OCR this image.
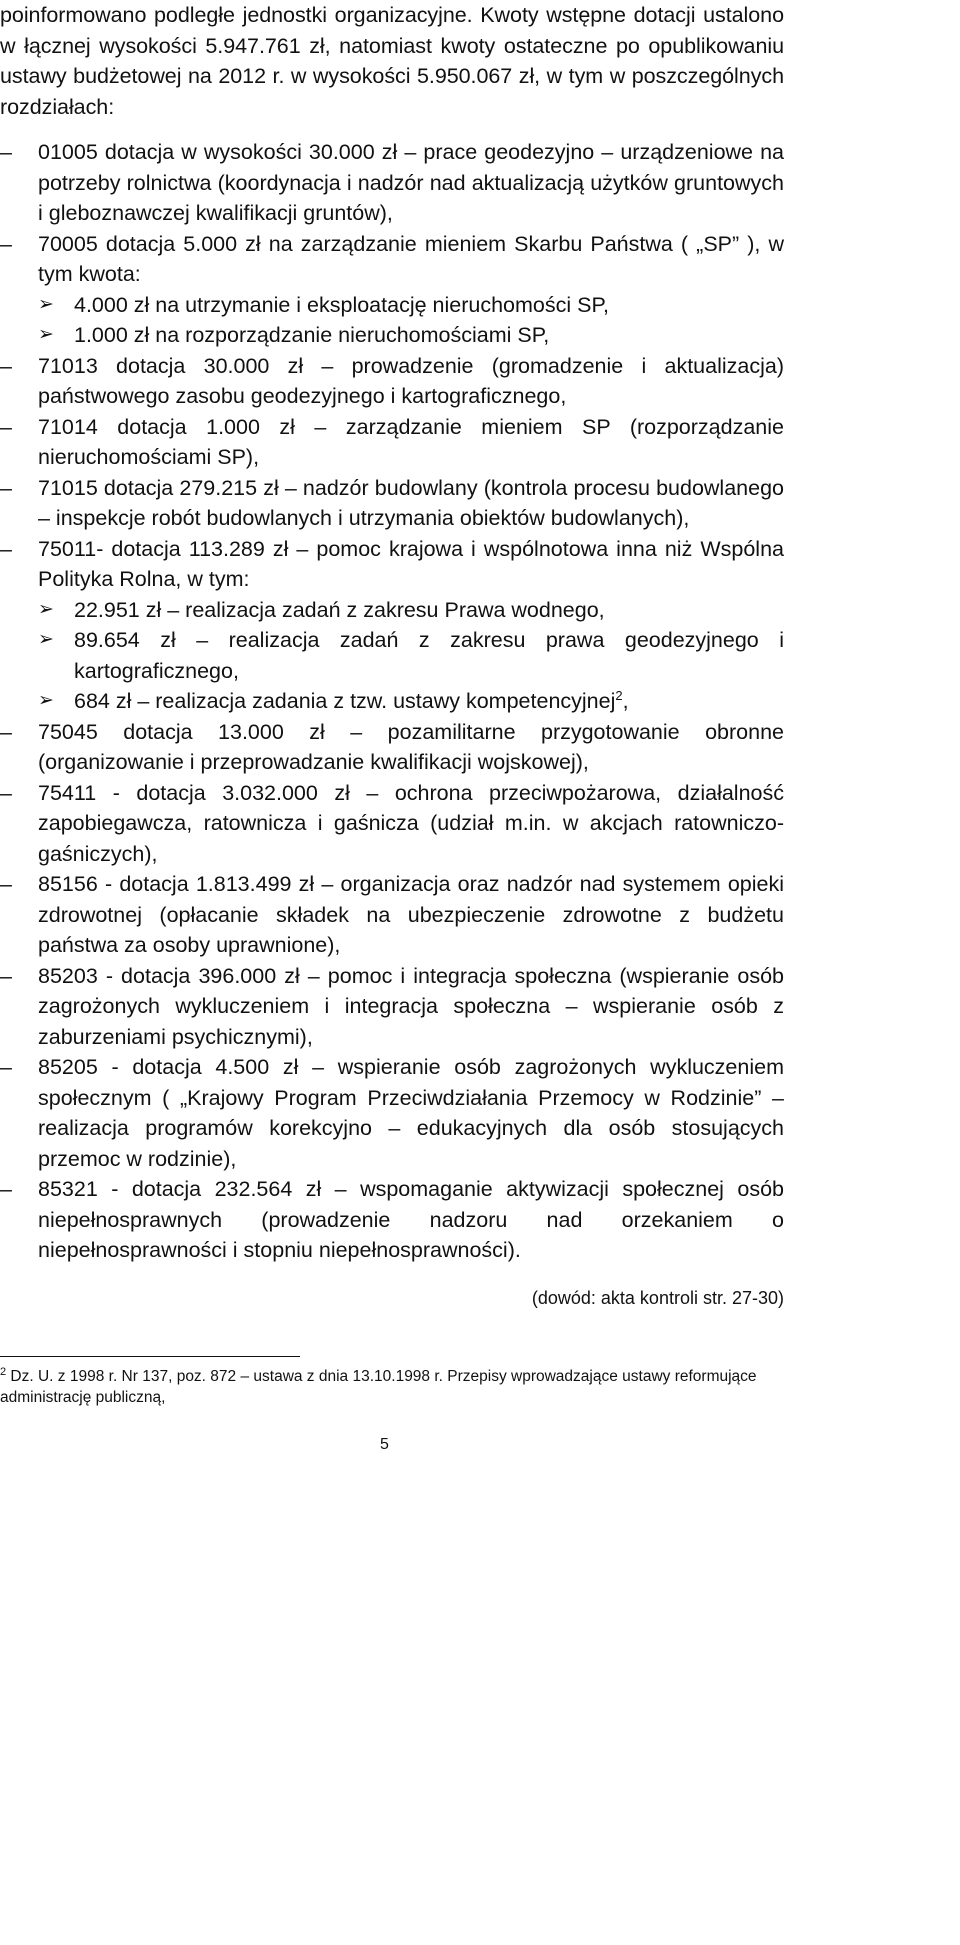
poinformowano podległe jednostki organizacyjne. Kwoty wstępne dotacji ustalono w łącznej wysokości 5.947.761 zł, natomiast kwoty ostateczne po opublikowaniu ustawy budżetowej na 2012 r. w wysokości 5.950.067 zł, w tym w poszczególnych rozdziałach:

–	01005 dotacja w wysokości 30.000 zł – prace geodezyjno – urządzeniowe na potrzeby rolnictwa (koordynacja i nadzór nad aktualizacją użytków gruntowych i gleboznawczej kwalifikacji gruntów),
–	70005 dotacja 5.000 zł na zarządzanie mieniem Skarbu Państwa ( „SP” ), w tym kwota:
➢ 4.000 zł na utrzymanie i eksploatację nieruchomości SP,
➢ 1.000 zł na rozporządzanie nieruchomościami SP,
–	71013 dotacja 30.000 zł – prowadzenie (gromadzenie i aktualizacja) państwowego zasobu geodezyjnego i kartograficznego,
–	71014 dotacja 1.000 zł – zarządzanie mieniem SP (rozporządzanie nieruchomościami SP),
–	71015 dotacja 279.215 zł – nadzór budowlany (kontrola procesu budowlanego – inspekcje robót budowlanych i utrzymania obiektów budowlanych),
–	75011- dotacja 113.289 zł – pomoc krajowa i wspólnotowa inna niż Wspólna Polityka Rolna, w tym:
➢ 22.951 zł – realizacja zadań z zakresu Prawa wodnego,
➢ 89.654 zł – realizacja zadań z zakresu prawa geodezyjnego i kartograficznego,
➢ 684 zł – realizacja zadania z tzw. ustawy kompetencyjnej$^2$,
–	75045 dotacja 13.000 zł – pozamilitarne przygotowanie obronne (organizowanie i przeprowadzanie kwalifikacji wojskowej),
–	75411 - dotacja 3.032.000 zł – ochrona przeciwpożarowa, działalność zapobiegawcza, ratownicza i gaśnicza (udział m.in. w akcjach ratowniczo-gaśniczych),
–	85156 - dotacja 1.813.499 zł – organizacja oraz nadzór nad systemem opieki zdrowotnej (opłacanie składek na ubezpieczenie zdrowotne z budżetu państwa za osoby uprawnione),
–	85203 - dotacja 396.000 zł – pomoc i integracja społeczna (wspieranie osób zagrożonych wykluczeniem i integracja społeczna – wspieranie osób z zaburzeniami psychicznymi),
–	85205 - dotacja 4.500 zł – wspieranie osób zagrożonych wykluczeniem społecznym ( „Krajowy Program Przeciwdziałania Przemocy w Rodzinie” – realizacja programów korekcyjno – edukacyjnych dla osób stosujących przemoc w rodzinie),
–	85321 - dotacja 232.564 zł – wspomaganie aktywizacji społecznej osób niepełnosprawnych (prowadzenie nadzoru nad orzekaniem o niepełnosprawności i stopniu niepełnosprawności).
(dowód: akta kontroli str. 27-30)

$^2$ Dz. U. z 1998 r. Nr 137, poz. 872 – ustawa z dnia 13.10.1998 r. Przepisy wprowadzające ustawy reformujące administrację publiczną,

5
